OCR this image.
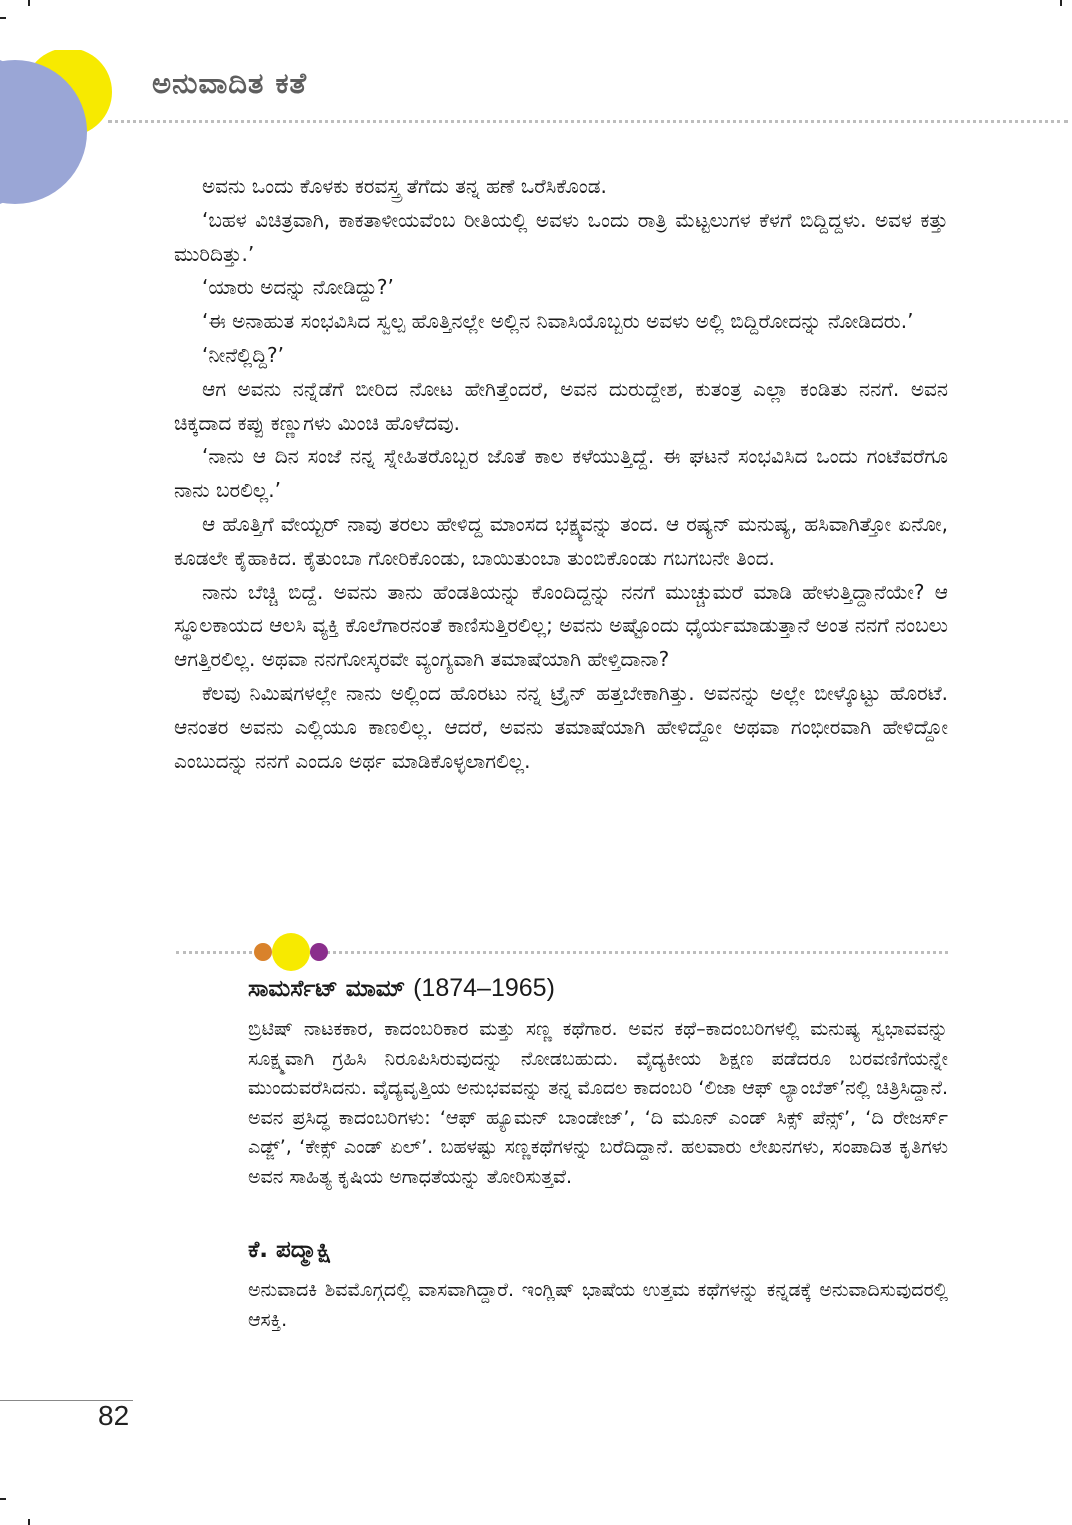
ಅನುವಾದಿತ ಕತೆ

ಅವನು ಒಂದು ಕೊಳಕು ಕರವಸ್ತ್ರ ತೆಗೆದು ತನ್ನ ಹಣೆ ಒರೆಸಿಕೊಂಡ.

‘ಬಹಳ ವಿಚಿತ್ರವಾಗಿ, ಕಾಕತಾಳೀಯವೆಂಬ ರೀತಿಯಲ್ಲಿ ಅವಳು ಒಂದು ರಾತ್ರಿ ಮೆಟ್ಟಲುಗಳ ಕೆಳಗೆ ಬಿದ್ದಿದ್ದಳು. ಅವಳ ಕತ್ತು ಮುರಿದಿತ್ತು.’

‘ಯಾರು ಅದನ್ನು ನೋಡಿದ್ದು?’

‘ಈ ಅನಾಹುತ ಸಂಭವಿಸಿದ ಸ್ವಲ್ಪ ಹೊತ್ತಿನಲ್ಲೇ ಅಲ್ಲಿನ ನಿವಾಸಿಯೊಬ್ಬರು ಅವಳು ಅಲ್ಲಿ ಬಿದ್ದಿರೋದನ್ನು ನೋಡಿದರು.’

‘ನೀನೆಲ್ಲಿದ್ದಿ?’

ಆಗ ಅವನು ನನ್ನೆಡೆಗೆ ಬೀರಿದ ನೋಟ ಹೇಗಿತ್ತೆಂದರೆ, ಅವನ ದುರುದ್ದೇಶ, ಕುತಂತ್ರ ಎಲ್ಲಾ ಕಂಡಿತು ನನಗೆ. ಅವನ ಚಿಕ್ಕದಾದ ಕಪ್ಪು ಕಣ್ಣುಗಳು ಮಿಂಚಿ ಹೊಳೆದವು.

‘ನಾನು ಆ ದಿನ ಸಂಜೆ ನನ್ನ ಸ್ನೇಹಿತರೊಬ್ಬರ ಜೊತೆ ಕಾಲ ಕಳೆಯುತ್ತಿದ್ದೆ. ಈ ಘಟನೆ ಸಂಭವಿಸಿದ ಒಂದು ಗಂಟೆವರೆಗೂ ನಾನು ಬರಲಿಲ್ಲ.’

ಆ ಹೊತ್ತಿಗೆ ವೇಯ್ಟರ್ ನಾವು ತರಲು ಹೇಳಿದ್ದ ಮಾಂಸದ ಭಕ್ಷ್ಯವನ್ನು ತಂದ. ಆ ರಷ್ಯನ್ ಮನುಷ್ಯ, ಹಸಿವಾಗಿತ್ತೋ ಏನೋ, ಕೂಡಲೇ ಕೈಹಾಕಿದ. ಕೈತುಂಬಾ ಗೋರಿಕೊಂಡು, ಬಾಯಿತುಂಬಾ ತುಂಬಿಕೊಂಡು ಗಬಗಬನೇ ತಿಂದ.

ನಾನು ಬೆಚ್ಚಿ ಬಿದ್ದೆ. ಅವನು ತಾನು ಹೆಂಡತಿಯನ್ನು ಕೊಂದಿದ್ದನ್ನು ನನಗೆ ಮುಚ್ಚುಮರೆ ಮಾಡಿ ಹೇಳುತ್ತಿದ್ದಾನೆಯೇ? ಆ ಸ್ಥೂಲಕಾಯದ ಆಲಸಿ ವ್ಯಕ್ತಿ ಕೊಲೆಗಾರನಂತೆ ಕಾಣಿಸುತ್ತಿರಲಿಲ್ಲ; ಅವನು ಅಷ್ಟೊಂದು ಧೈರ್ಯಮಾಡುತ್ತಾನೆ ಅಂತ ನನಗೆ ನಂಬಲು ಆಗತ್ತಿರಲಿಲ್ಲ. ಅಥವಾ ನನಗೋಸ್ಕರವೇ ವ್ಯಂಗ್ಯವಾಗಿ ತಮಾಷೆಯಾಗಿ ಹೇಳ್ತಿದಾನಾ?

ಕೆಲವು ನಿಮಿಷಗಳಲ್ಲೇ ನಾನು ಅಲ್ಲಿಂದ ಹೊರಟು ನನ್ನ ಟ್ರೈನ್ ಹತ್ತಬೇಕಾಗಿತ್ತು. ಅವನನ್ನು ಅಲ್ಲೇ ಬೀಳ್ಕೊಟ್ಟು ಹೊರಟೆ. ಆನಂತರ ಅವನು ಎಲ್ಲಿಯೂ ಕಾಣಲಿಲ್ಲ. ಆದರೆ, ಅವನು ತಮಾಷೆಯಾಗಿ ಹೇಳಿದ್ದೋ ಅಥವಾ ಗಂಭೀರವಾಗಿ ಹೇಳಿದ್ದೋ ಎಂಬುದನ್ನು ನನಗೆ ಎಂದೂ ಅರ್ಥ ಮಾಡಿಕೊಳ್ಳಲಾಗಲಿಲ್ಲ.

ಸಾಮರ್ಸೆಟ್ ಮಾಮ್ (1874–1965)

ಬ್ರಿಟಿಷ್ ನಾಟಕಕಾರ, ಕಾದಂಬರಿಕಾರ ಮತ್ತು ಸಣ್ಣ ಕಥೆಗಾರ. ಅವನ ಕಥೆ–ಕಾದಂಬರಿಗಳಲ್ಲಿ ಮನುಷ್ಯ ಸ್ವಭಾವವನ್ನು ಸೂಕ್ಷ್ಮವಾಗಿ ಗ್ರಹಿಸಿ ನಿರೂಪಿಸಿರುವುದನ್ನು ನೋಡಬಹುದು. ವೈದ್ಯಕೀಯ ಶಿಕ್ಷಣ ಪಡೆದರೂ ಬರವಣಿಗೆಯನ್ನೇ ಮುಂದುವರೆಸಿದನು. ವೈದ್ಯವೃತ್ತಿಯ ಅನುಭವವನ್ನು ತನ್ನ ಮೊದಲ ಕಾದಂಬರಿ ‘ಲಿಜಾ ಆಫ್ ಲ್ಯಾಂಬೆತ್’ನಲ್ಲಿ ಚಿತ್ರಿಸಿದ್ದಾನೆ. ಅವನ ಪ್ರಸಿದ್ಧ ಕಾದಂಬರಿಗಳು: ‘ಆಫ್ ಹ್ಯೂಮನ್ ಬಾಂಡೇಜ್’, ‘ದಿ ಮೂನ್ ಎಂಡ್ ಸಿಕ್ಸ್ ಪೆನ್ಸ್’, ‘ದಿ ರೇಜರ್ಸ್ ಎಡ್ಜ್’, ‘ಕೇಕ್ಸ್ ಎಂಡ್ ಏಲ್’. ಬಹಳಷ್ಟು ಸಣ್ಣಕಥೆಗಳನ್ನು ಬರೆದಿದ್ದಾನೆ. ಹಲವಾರು ಲೇಖನಗಳು, ಸಂಪಾದಿತ ಕೃತಿಗಳು ಅವನ ಸಾಹಿತ್ಯ ಕೃಷಿಯ ಅಗಾಧತೆಯನ್ನು ತೋರಿಸುತ್ತವೆ.

ಕೆ. ಪದ್ಮಾಕ್ಷಿ

ಅನುವಾದಕಿ ಶಿವಮೊಗ್ಗದಲ್ಲಿ ವಾಸವಾಗಿದ್ದಾರೆ. ಇಂಗ್ಲಿಷ್ ಭಾಷೆಯ ಉತ್ತಮ ಕಥೆಗಳನ್ನು ಕನ್ನಡಕ್ಕೆ ಅನುವಾದಿಸುವುದರಲ್ಲಿ ಆಸಕ್ತಿ.

82
